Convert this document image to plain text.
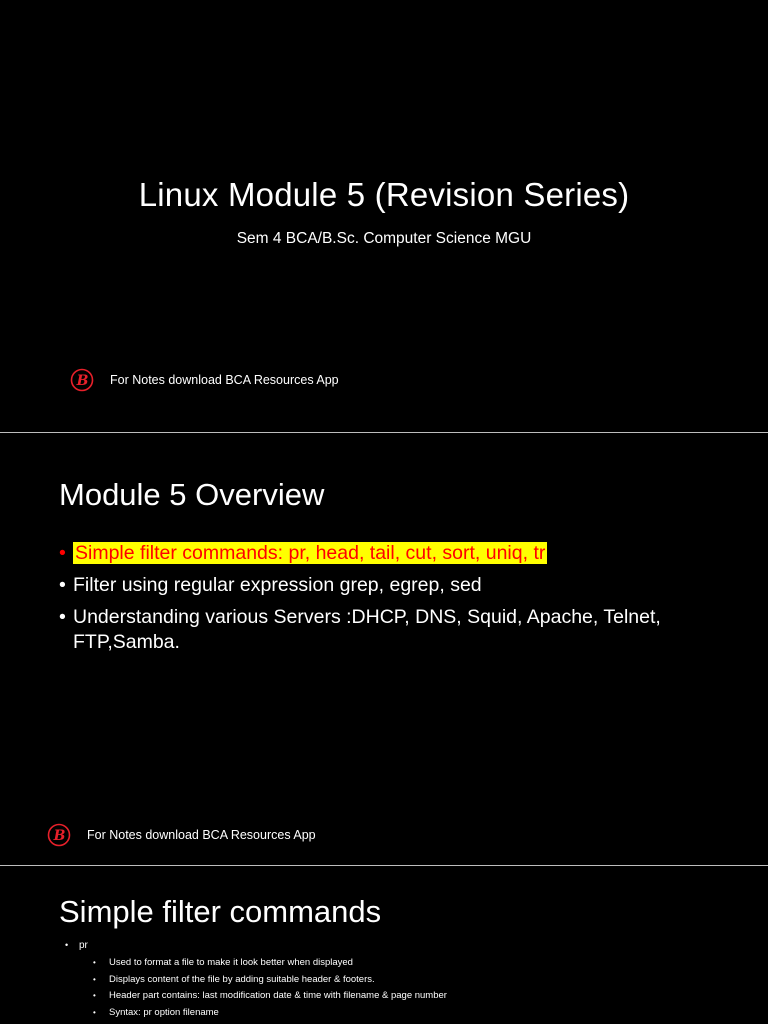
Linux Module 5 (Revision Series)
Sem 4 BCA/B.Sc. Computer Science MGU
B For Notes download BCA Resources App
Module 5 Overview
• Simple filter commands: pr, head, tail, cut, sort, uniq, tr
• Filter using regular expression grep, egrep, sed
• Understanding various Servers :DHCP, DNS, Squid, Apache, Telnet, FTP,Samba.
B For Notes download BCA Resources App
Simple filter commands
• pr
• Used to format a file to make it look better when displayed
• Displays content of the file by adding suitable header & footers.
• Header part contains: last modification date & time with filename & page number
• Syntax: pr option filename
